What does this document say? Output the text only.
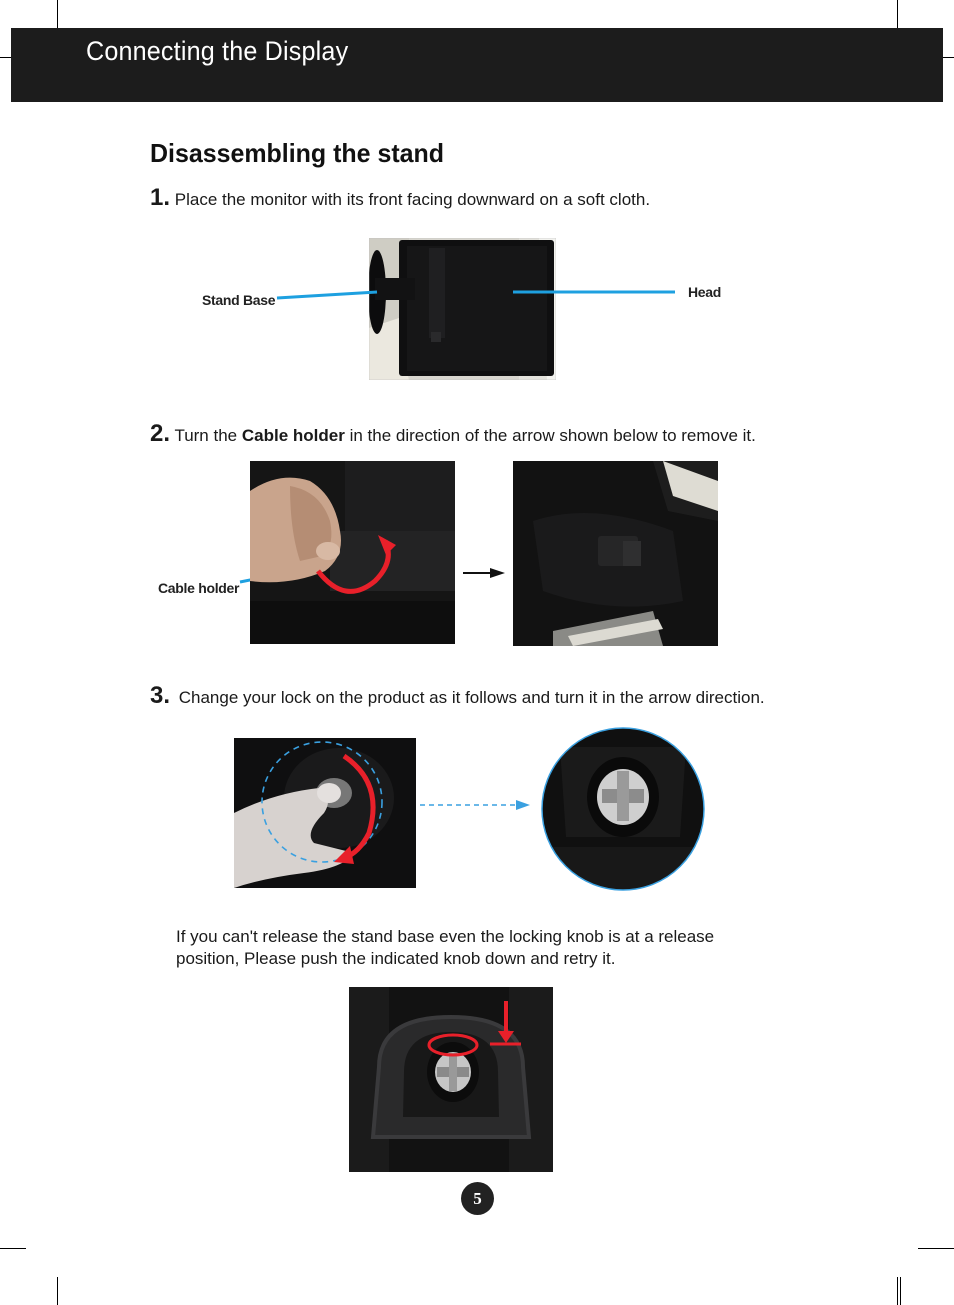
Connecting the Display
Disassembling the stand
1. Place the monitor with its front facing downward on a soft cloth.
Stand Base	Head
2. Turn the Cable holder in the direction of the arrow shown below to remove it.
Cable holder
3. Change your lock on the product as it follows and turn it in the arrow direction.
If you can't release the stand base even the locking knob is at a release
position, Please push the indicated knob down and retry it.
5
